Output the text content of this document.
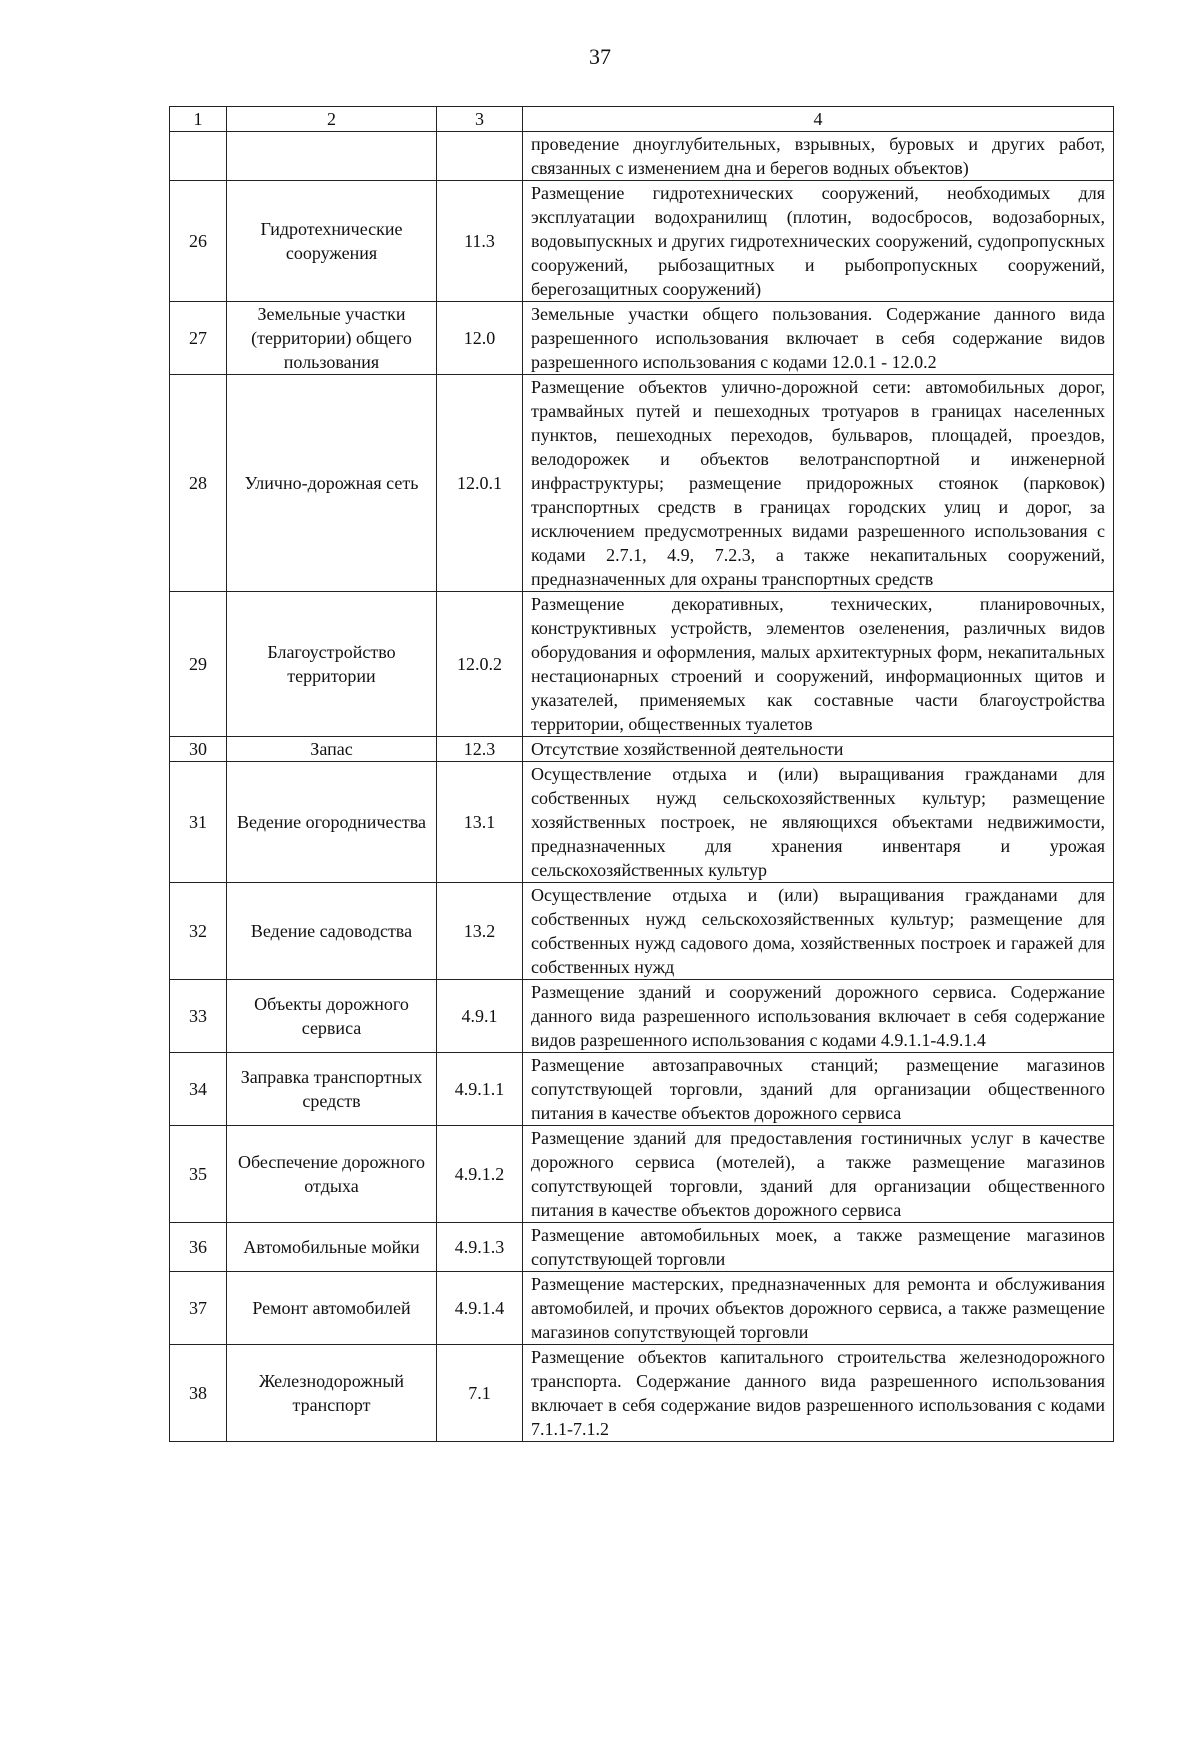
37
1	2	3	4
			проведение дноуглубительных, взрывных, буровых и других работ, связанных с изменением дна и берегов водных объектов)
26	Гидротехнические сооружения	11.3	Размещение гидротехнических сооружений, необходимых для эксплуатации водохранилищ (плотин, водосбросов, водозаборных, водовыпускных и других гидротехнических сооружений, судопропускных сооружений, рыбозащитных и рыбопропускных сооружений, берегозащитных сооружений)
27	Земельные участки (территории) общего пользования	12.0	Земельные участки общего пользования. Содержание данного вида разрешенного использования включает в себя содержание видов разрешенного использования с кодами 12.0.1 - 12.0.2
28	Улично-дорожная сеть	12.0.1	Размещение объектов улично-дорожной сети: автомобильных дорог, трамвайных путей и пешеходных тротуаров в границах населенных пунктов, пешеходных переходов, бульваров, площадей, проездов, велодорожек и объектов велотранспортной и инженерной инфраструктуры; размещение придорожных стоянок (парковок) транспортных средств в границах городских улиц и дорог, за исключением предусмотренных видами разрешенного использования с кодами 2.7.1, 4.9, 7.2.3, а также некапитальных сооружений, предназначенных для охраны транспортных средств
29	Благоустройство территории	12.0.2	Размещение декоративных, технических, планировочных, конструктивных устройств, элементов озеленения, различных видов оборудования и оформления, малых архитектурных форм, некапитальных нестационарных строений и сооружений, информационных щитов и указателей, применяемых как составные части благоустройства территории, общественных туалетов
30	Запас	12.3	Отсутствие хозяйственной деятельности
31	Ведение огородничества	13.1	Осуществление отдыха и (или) выращивания гражданами для собственных нужд сельскохозяйственных культур; размещение хозяйственных построек, не являющихся объектами недвижимости, предназначенных для хранения инвентаря и урожая сельскохозяйственных культур
32	Ведение садоводства	13.2	Осуществление отдыха и (или) выращивания гражданами для собственных нужд сельскохозяйственных культур; размещение для собственных нужд садового дома, хозяйственных построек и гаражей для собственных нужд
33	Объекты дорожного сервиса	4.9.1	Размещение зданий и сооружений дорожного сервиса. Содержание данного вида разрешенного использования включает в себя содержание видов разрешенного использования с кодами 4.9.1.1-4.9.1.4
34	Заправка транспортных средств	4.9.1.1	Размещение автозаправочных станций; размещение магазинов сопутствующей торговли, зданий для организации общественного питания в качестве объектов дорожного сервиса
35	Обеспечение дорожного отдыха	4.9.1.2	Размещение зданий для предоставления гостиничных услуг в качестве дорожного сервиса (мотелей), а также размещение магазинов сопутствующей торговли, зданий для организации общественного питания в качестве объектов дорожного сервиса
36	Автомобильные мойки	4.9.1.3	Размещение автомобильных моек, а также размещение магазинов сопутствующей торговли
37	Ремонт автомобилей	4.9.1.4	Размещение мастерских, предназначенных для ремонта и обслуживания автомобилей, и прочих объектов дорожного сервиса, а также размещение магазинов сопутствующей торговли
38	Железнодорожный транспорт	7.1	Размещение объектов капитального строительства железнодорожного транспорта. Содержание данного вида разрешенного использования включает в себя содержание видов разрешенного использования с кодами 7.1.1-7.1.2
